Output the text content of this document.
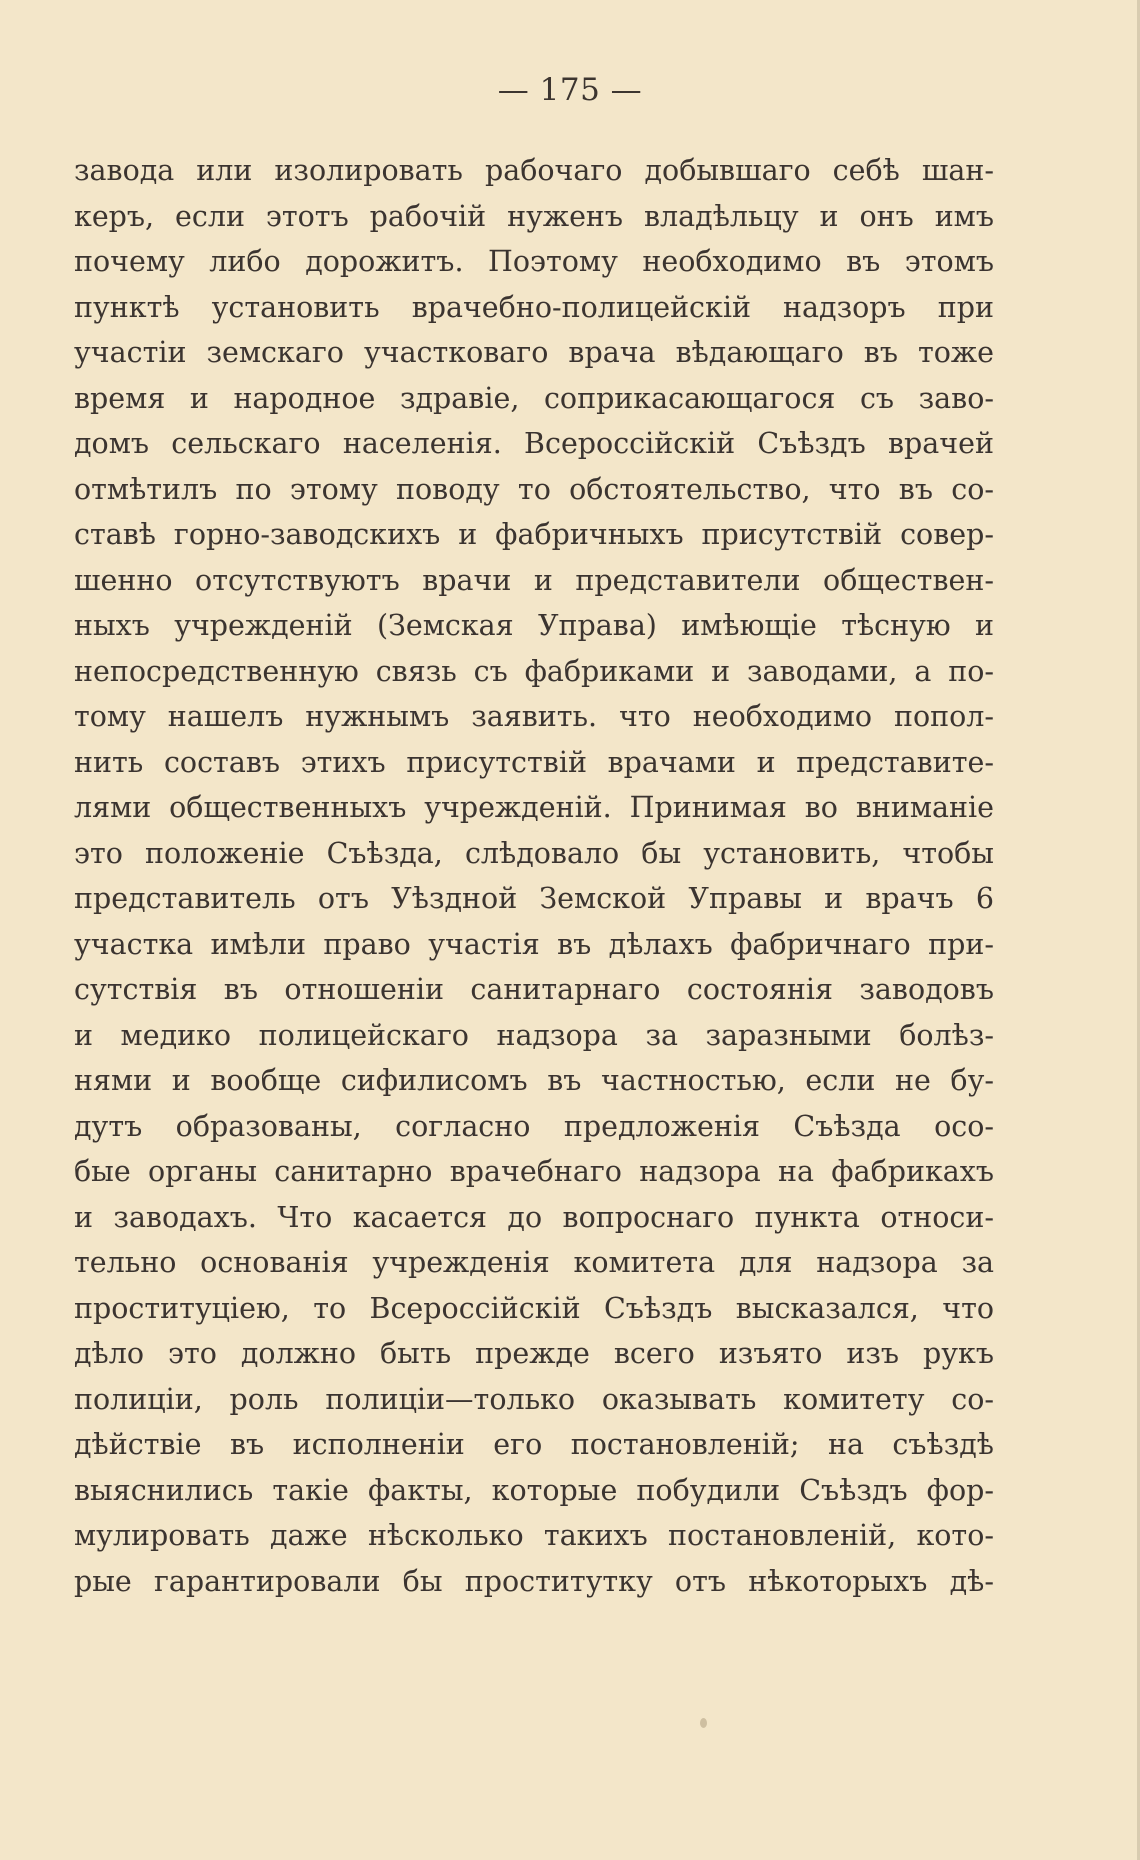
— 175 —
завода или изолировать рабочаго добывшаго себѣ шан-
керъ, если этотъ рабочій нуженъ владѣльцу и онъ имъ
почему либо дорожитъ. Поэтому необходимо въ этомъ
пунктѣ установить врачебно-полицейскій надзоръ при
участіи земскаго участковаго врача вѣдающаго въ тоже
время и народное здравіе, соприкасающагося съ заво-
домъ сельскаго населенія. Всероссійскій Съѣздъ врачей
отмѣтилъ по этому поводу то обстоятельство, что въ со-
ставѣ горно-заводскихъ и фабричныхъ присутствій совер-
шенно отсутствуютъ врачи и представители обществен-
ныхъ учрежденій (Земская Управа) имѣющіе тѣсную и
непосредственную связь съ фабриками и заводами, а по-
тому нашелъ нужнымъ заявить. что необходимо попол-
нить составъ этихъ присутствій врачами и представите-
лями общественныхъ учрежденій. Принимая во вниманіе
это положеніе Съѣзда, слѣдовало бы установить, чтобы
представитель отъ Уѣздной Земской Управы и врачъ 6
участка имѣли право участія въ дѣлахъ фабричнаго при-
сутствія въ отношеніи санитарнаго состоянія заводовъ
и медико полицейскаго надзора за заразными болѣз-
нями и вообще сифилисомъ въ частностью, если не бу-
дутъ образованы, согласно предложенія Съѣзда осо-
бые органы санитарно врачебнаго надзора на фабрикахъ
и заводахъ. Что касается до вопроснаго пункта относи-
тельно основанія учрежденія комитета для надзора за
проституціею, то Всероссійскій Съѣздъ высказался, что
дѣло это должно быть прежде всего изъято изъ рукъ
полиціи, роль полиціи—только оказывать комитету со-
дѣйствіе въ исполненіи его постановленій; на съѣздѣ
выяснились такіе факты, которые побудили Съѣздъ фор-
мулировать даже нѣсколько такихъ постановленій, кото-
рые гарантировали бы проститутку отъ нѣкоторыхъ дѣ-
